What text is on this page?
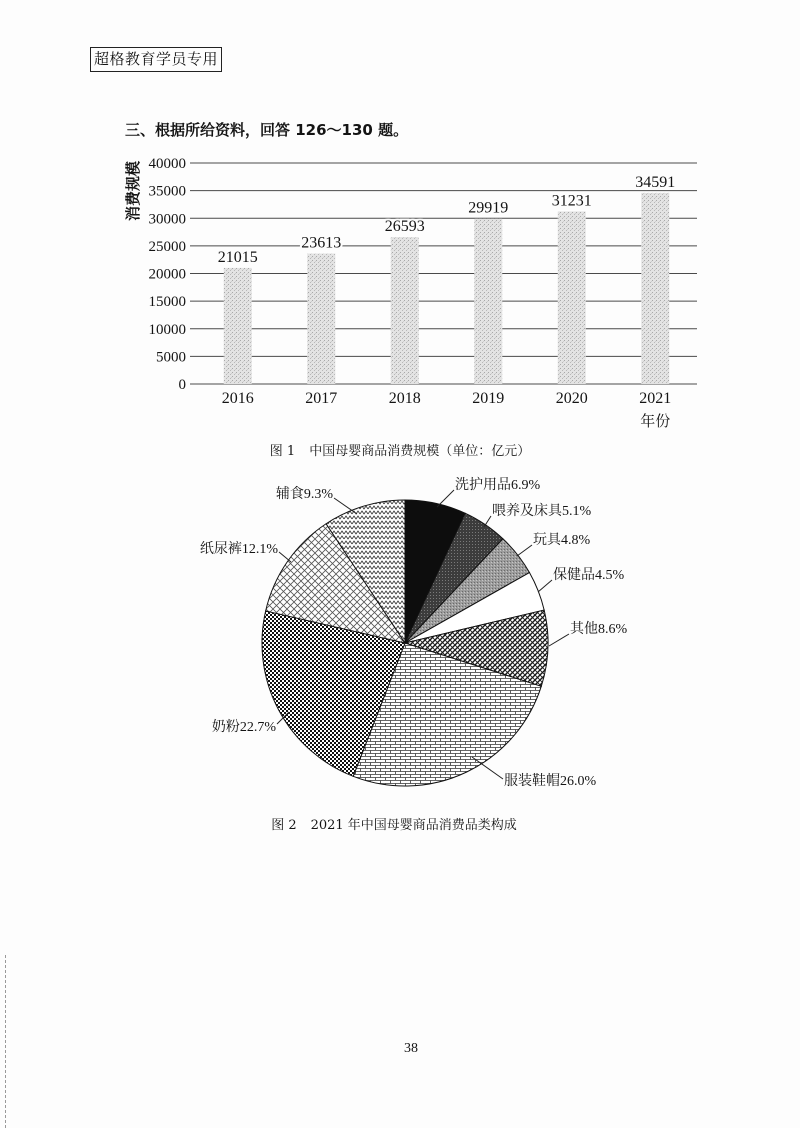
0
5000
10000
15000
20000
25000
30000
35000
40000
21015
2016
23613
2017
26593
2018
29919
2019
31231
2020
34591
2021
年份
消费规模
洗护用品6.9%
喂养及床具5.1%
玩具4.8%
保健品4.5%
其他8.6%
服装鞋帽26.0%
奶粉22.7%
纸尿裤12.1%
辅食9.3%
超格教育学员专用
三、根据所给资料，回答 126～130 题。
图 1 中国母婴商品消费规模（单位：亿元）
图 2 2021 年中国母婴商品消费品类构成
38
